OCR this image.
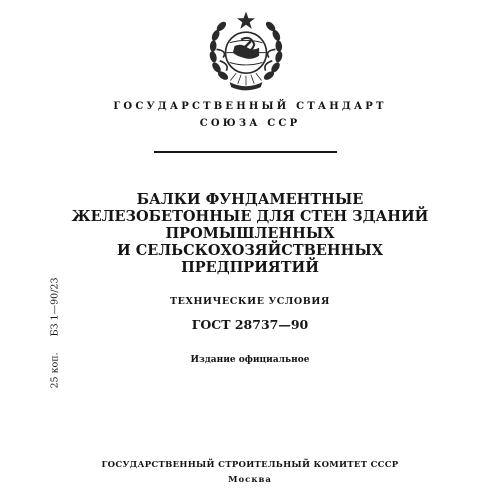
ГОСУДАРСТВЕННЫЙ СТАНДАРТ
СОЮЗА ССР
БАЛКИ ФУНДАМЕНТНЫЕ
ЖЕЛЕЗОБЕТОННЫЕ ДЛЯ СТЕН ЗДАНИЙ
ПРОМЫШЛЕННЫХ
И СЕЛЬСКОХОЗЯЙСТВЕННЫХ
ПРЕДПРИЯТИЙ
ТЕХНИЧЕСКИЕ УСЛОВИЯ
ГОСТ 28737—90
Издание официальное
25 коп.БЗ 1—90/23
ГОСУДАРСТВЕННЫЙ СТРОИТЕЛЬНЫЙ КОМИТЕТ СССР
Москва
